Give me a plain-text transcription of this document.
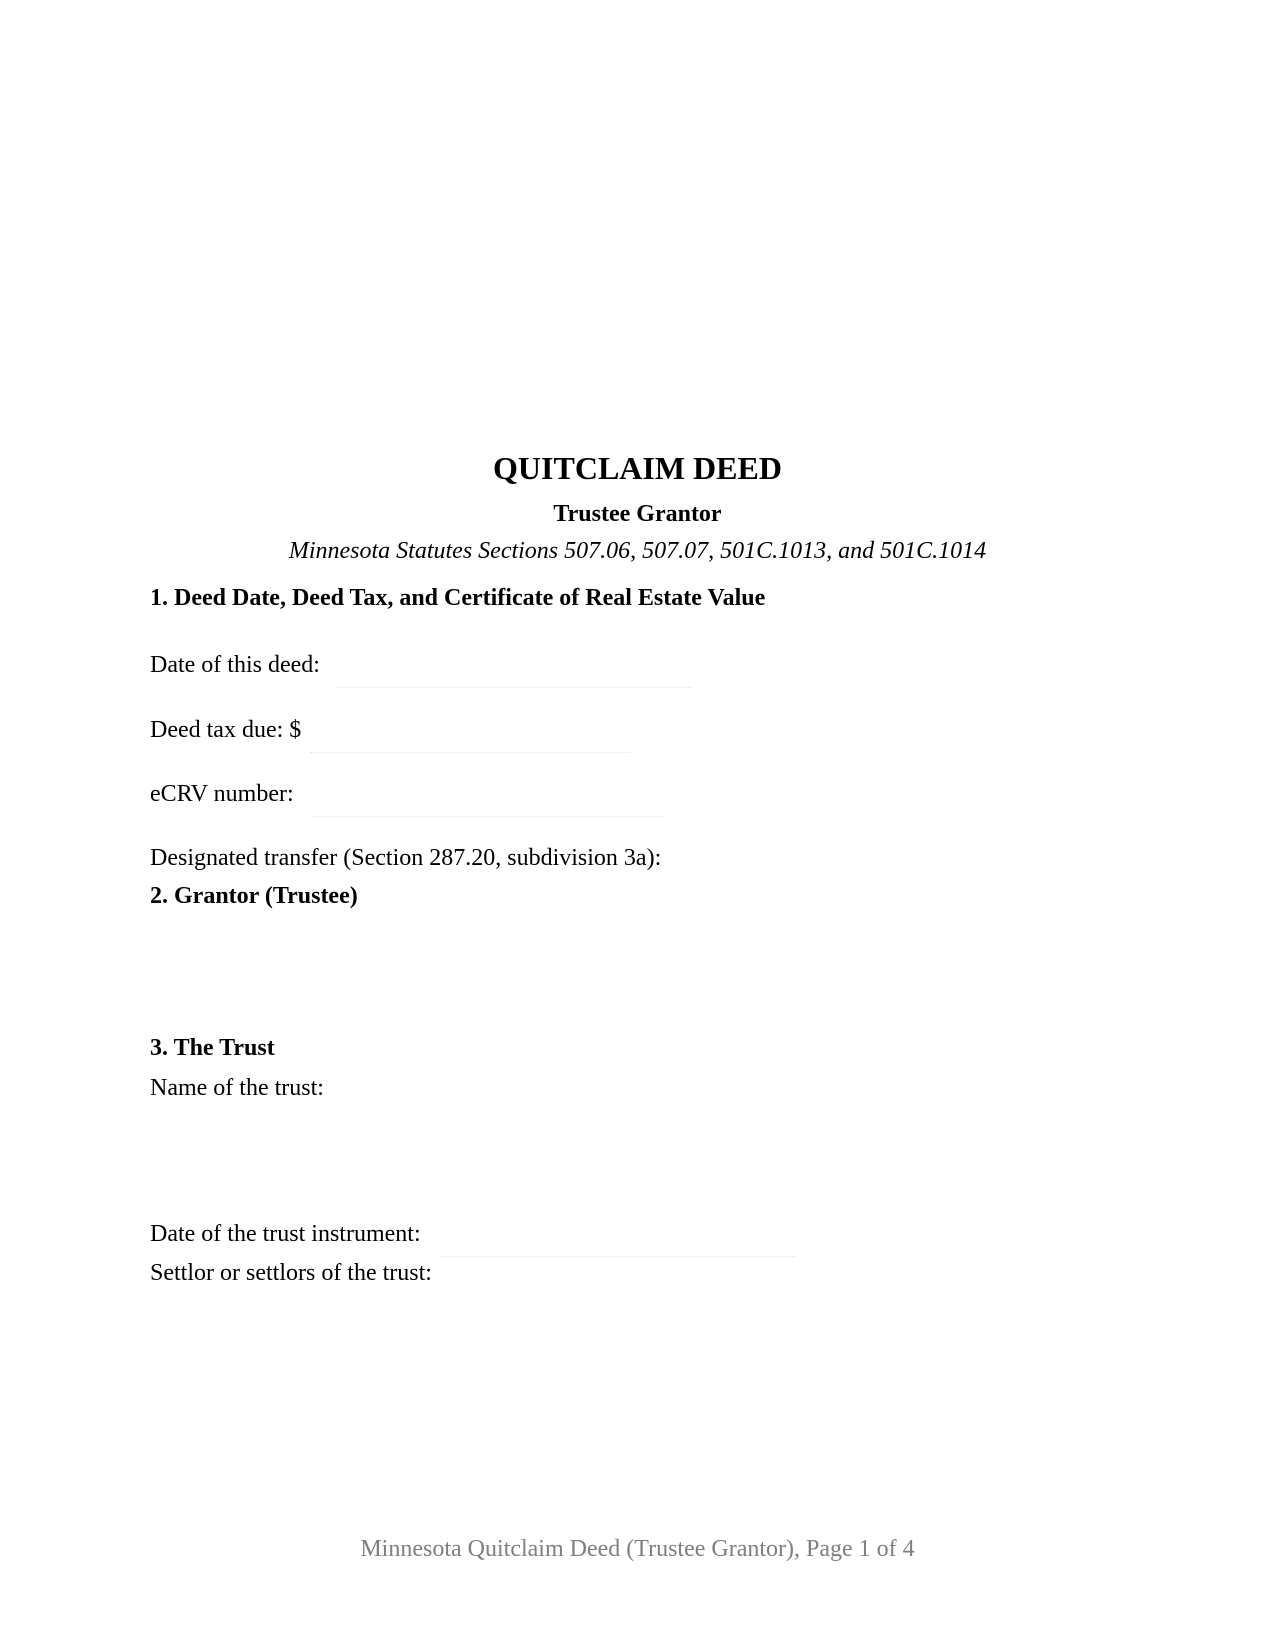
QUITCLAIM DEED
Trustee Grantor
Minnesota Statutes Sections 507.06, 507.07, 501C.1013, and 501C.1014
1. Deed Date, Deed Tax, and Certificate of Real Estate Value
Date of this deed:
Deed tax due: $
eCRV number:
Designated transfer (Section 287.20, subdivision 3a):
2. Grantor (Trustee)
3. The Trust
Name of the trust:
Date of the trust instrument:
Settlor or settlors of the trust:
Minnesota Quitclaim Deed (Trustee Grantor), Page 1 of 4
